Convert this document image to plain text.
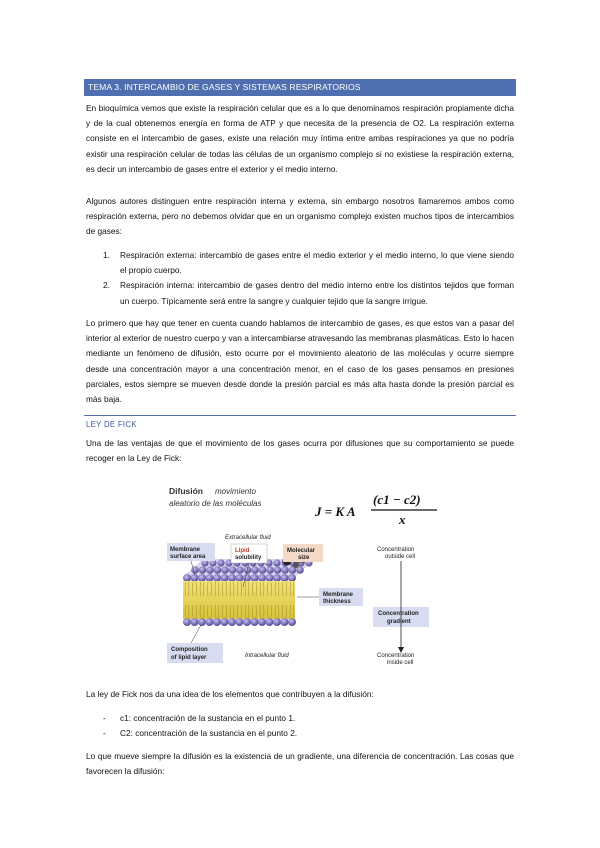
TEMA 3. INTERCAMBIO DE GASES Y SISTEMAS RESPIRATORIOS
En bioquímica vemos que existe la respiración celular que es a lo que denominamos respiración propiamente dicha y de la cual obtenemos energía en forma de ATP y que necesita de la presencia de O2. La respiración externa consiste en el intercambio de gases, existe una relación muy íntima entre ambas respiraciones ya que no podría existir una respiración celular de todas las células de un organismo complejo si no existiese la respiración externa, es decir un intercambio de gases entre el exterior y el medio interno.
Algunos autores distinguen entre respiración interna y externa, sin embargo nosotros llamaremos ambos como respiración externa, pero no debemos olvidar que en un organismo complejo existen muchos tipos de intercambios de gases:
1. Respiración externa: intercambio de gases entre el medio exterior y el medio interno, lo que viene siendo el propio cuerpo.
2. Respiración interna: intercambio de gases dentro del medio interno entre los distintos tejidos que forman un cuerpo. Típicamente será entre la sangre y cualquier tejido que la sangre irrigue.
Lo primero que hay que tener en cuenta cuando hablamos de intercambio de gases, es que estos van a pasar del interior al exterior de nuestro cuerpo y van a intercambiarse atravesando las membranas plasmáticas. Esto lo hacen mediante un fenómeno de difusión, esto ocurre por el movimiento aleatorio de las moléculas y ocurre siempre desde una concentración mayor a una concentración menor, en el caso de los gases pensamos en presiones parciales, estos siempre se mueven desde donde la presión parcial es más alta hasta donde la presión parcial es más baja.
LEY DE FICK
Una de las ventajas de que el movimiento de los gases ocurra por difusiones que su comportamiento se puede recoger en la Ley de Fick:
Difusión movimiento
aleatorio de las moléculas
J = K A
(c1 − c2)
x
Membrane
surface area
Extracellular fluid
Lipid
solubility
Molecular
size
Concentration
outside cell
Membrane
thickness
Concentration
gradient
Composition
of lipid layer	Intracellular fluid	Concentration
inside cell
La ley de Fick nos da una idea de los elementos que contribuyen a la difusión:
- c1: concentración de la sustancia en el punto 1.
- C2: concentración de la sustancia en el punto 2.
Lo que mueve siempre la difusión es la existencia de un gradiente, una diferencia de concentración. Las cosas que favorecen la difusión:
